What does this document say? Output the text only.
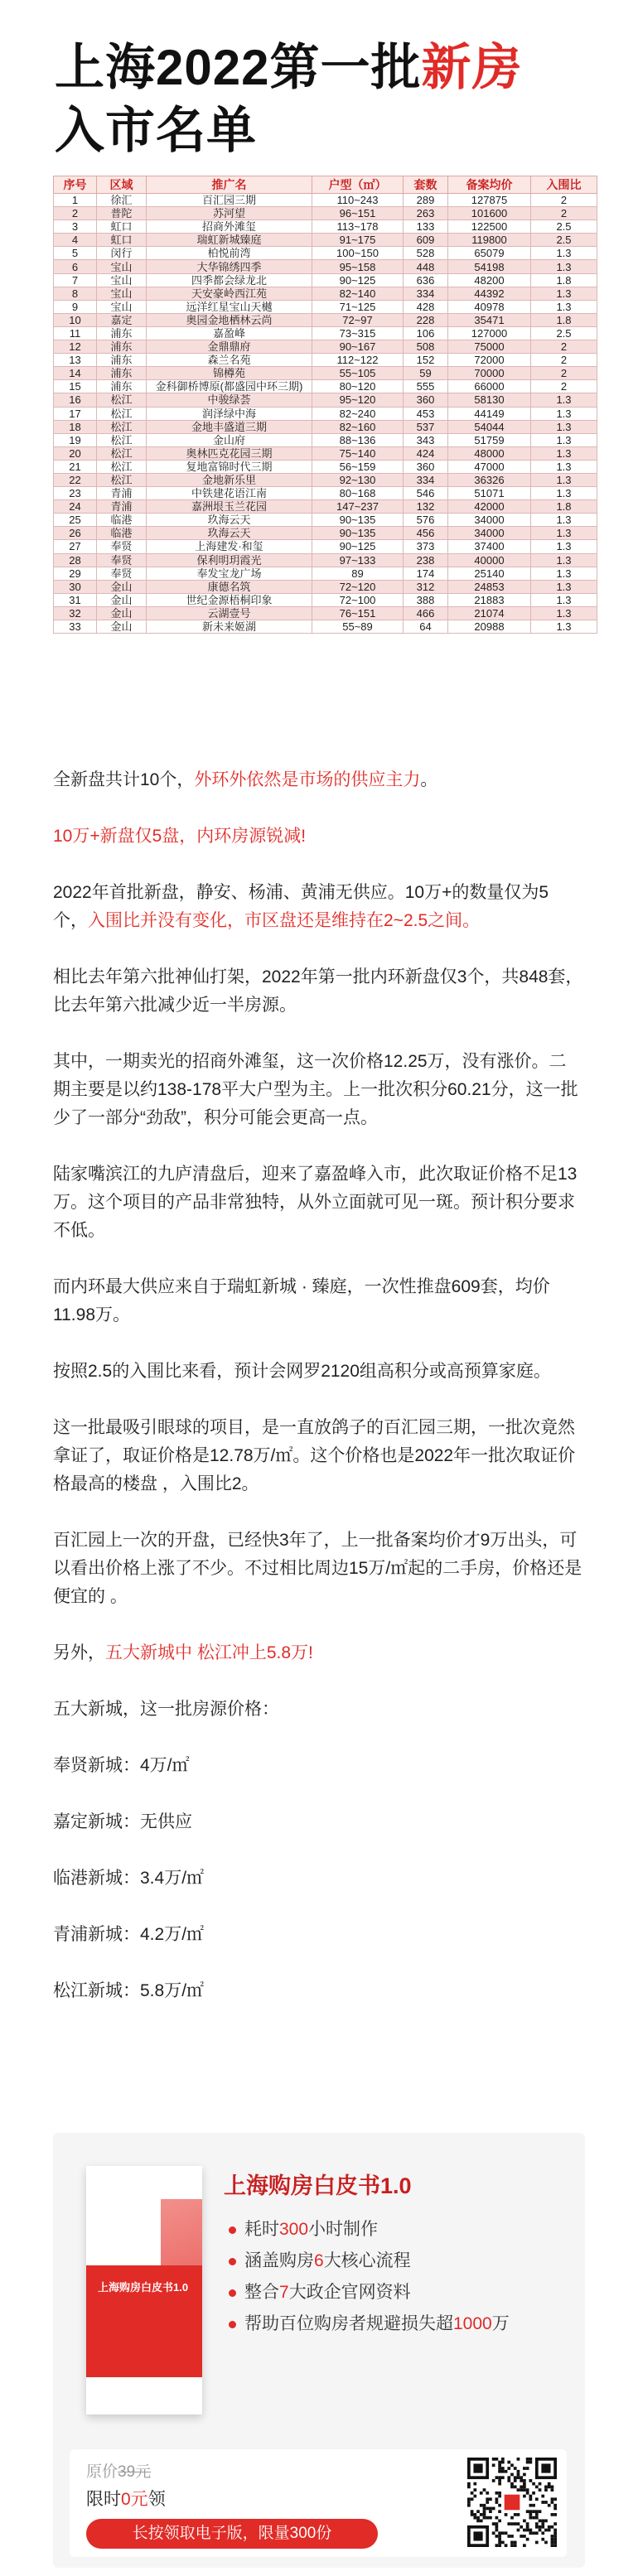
上海2022第一批新房
入市名单
序号	区域	推广名	户型（㎡）	套数	备案均价	入围比
1	徐汇	百汇园三期	110~243	289	127875	2
2	普陀	苏河望	96~151	263	101600	2
3	虹口	招商外滩玺	113~178	133	122500	2.5
4	虹口	瑞虹新城臻庭	91~175	609	119800	2.5
5	闵行	柏悦前湾	100~150	528	65079	1.3
6	宝山	大华锦绣四季	95~158	448	54198	1.3
7	宝山	四季都会绿龙北	90~125	636	48200	1.8
8	宝山	天安豪岭西江苑	82~140	334	44392	1.3
9	宝山	远洋红星宝山天樾	71~125	428	40978	1.3
10	嘉定	奥园金地栖林云尚	72~97	228	35471	1.8
11	浦东	嘉盈峰	73~315	106	127000	2.5
12	浦东	金鼎鼎府	90~167	508	75000	2
13	浦东	森兰名苑	112~122	152	72000	2
14	浦东	锦樽苑	55~105	59	70000	2
15	浦东	金科御桥博原(都盛园中环三期)	80~120	555	66000	2
16	松江	中骏绿荟	95~120	360	58130	1.3
17	松江	润泽绿中海	82~240	453	44149	1.3
18	松江	金地丰盛道三期	82~160	537	54044	1.3
19	松江	金山府	88~136	343	51759	1.3
20	松江	奥林匹克花园三期	75~140	424	48000	1.3
21	松江	复地富锦时代三期	56~159	360	47000	1.3
22	松江	金地新乐里	92~130	334	36326	1.3
23	青浦	中铁建花语江南	80~168	546	51071	1.3
24	青浦	嘉洲垠玉兰花园	147~237	132	42000	1.8
25	临港	玖海云天	90~135	576	34000	1.3
26	临港	玖海云天	90~135	456	34000	1.3
27	奉贤	上海建发·和玺	90~125	373	37400	1.3
28	奉贤	保利明玥霞光	97~133	238	40000	1.3
29	奉贤	奉发宝龙广场	89	174	25140	1.3
30	金山	康德名筑	72~120	312	24853	1.3
31	金山	世纪金源梧桐印象	72~100	388	21883	1.3
32	金山	云湖壹号	76~151	466	21074	1.3
33	金山	新未来姬湖	55~89	64	20988	1.3

全新盘共计10个，外环外依然是市场的供应主力。

10万+新盘仅5盘，内环房源锐减!

2022年首批新盘，静安、杨浦、黄浦无供应。10万+的数量仅为5个，入围比并没有变化，市区盘还是维持在2~2.5之间。

相比去年第六批神仙打架，2022年第一批内环新盘仅3个，共848套，比去年第六批减少近一半房源。

其中，一期卖光的招商外滩玺，这一次价格12.25万，没有涨价。二期主要是以约138-178平大户型为主。上一批次积分60.21分，这一批少了一部分“劲敌”，积分可能会更高一点。

陆家嘴滨江的九庐清盘后，迎来了嘉盈峰入市，此次取证价格不足13万。这个项目的产品非常独特，从外立面就可见一斑。预计积分要求不低。

而内环最大供应来自于瑞虹新城 · 臻庭，一次性推盘609套，均价11.98万。

按照2.5的入围比来看，预计会网罗2120组高积分或高预算家庭。

这一批最吸引眼球的项目，是一直放鸽子的百汇园三期，一批次竟然拿证了，取证价格是12.78万/㎡。这个价格也是2022年一批次取证价格最高的楼盘 ，入围比2。

百汇园上一次的开盘，已经快3年了，上一批备案均价才9万出头，可以看出价格上涨了不少。不过相比周边15万/㎡起的二手房，价格还是便宜的 。

另外，五大新城中 松江冲上5.8万!

五大新城，这一批房源价格：

奉贤新城：4万/㎡

嘉定新城：无供应

临港新城：3.4万/㎡

青浦新城：4.2万/㎡

松江新城：5.8万/㎡

上海购房白皮书1.0
上海购房白皮书1.0
耗时300小时制作
涵盖购房6大核心流程
整合7大政企官网资料
帮助百位购房者规避损失超1000万
原价39元
限时0元领
长按领取电子版，限量300份
